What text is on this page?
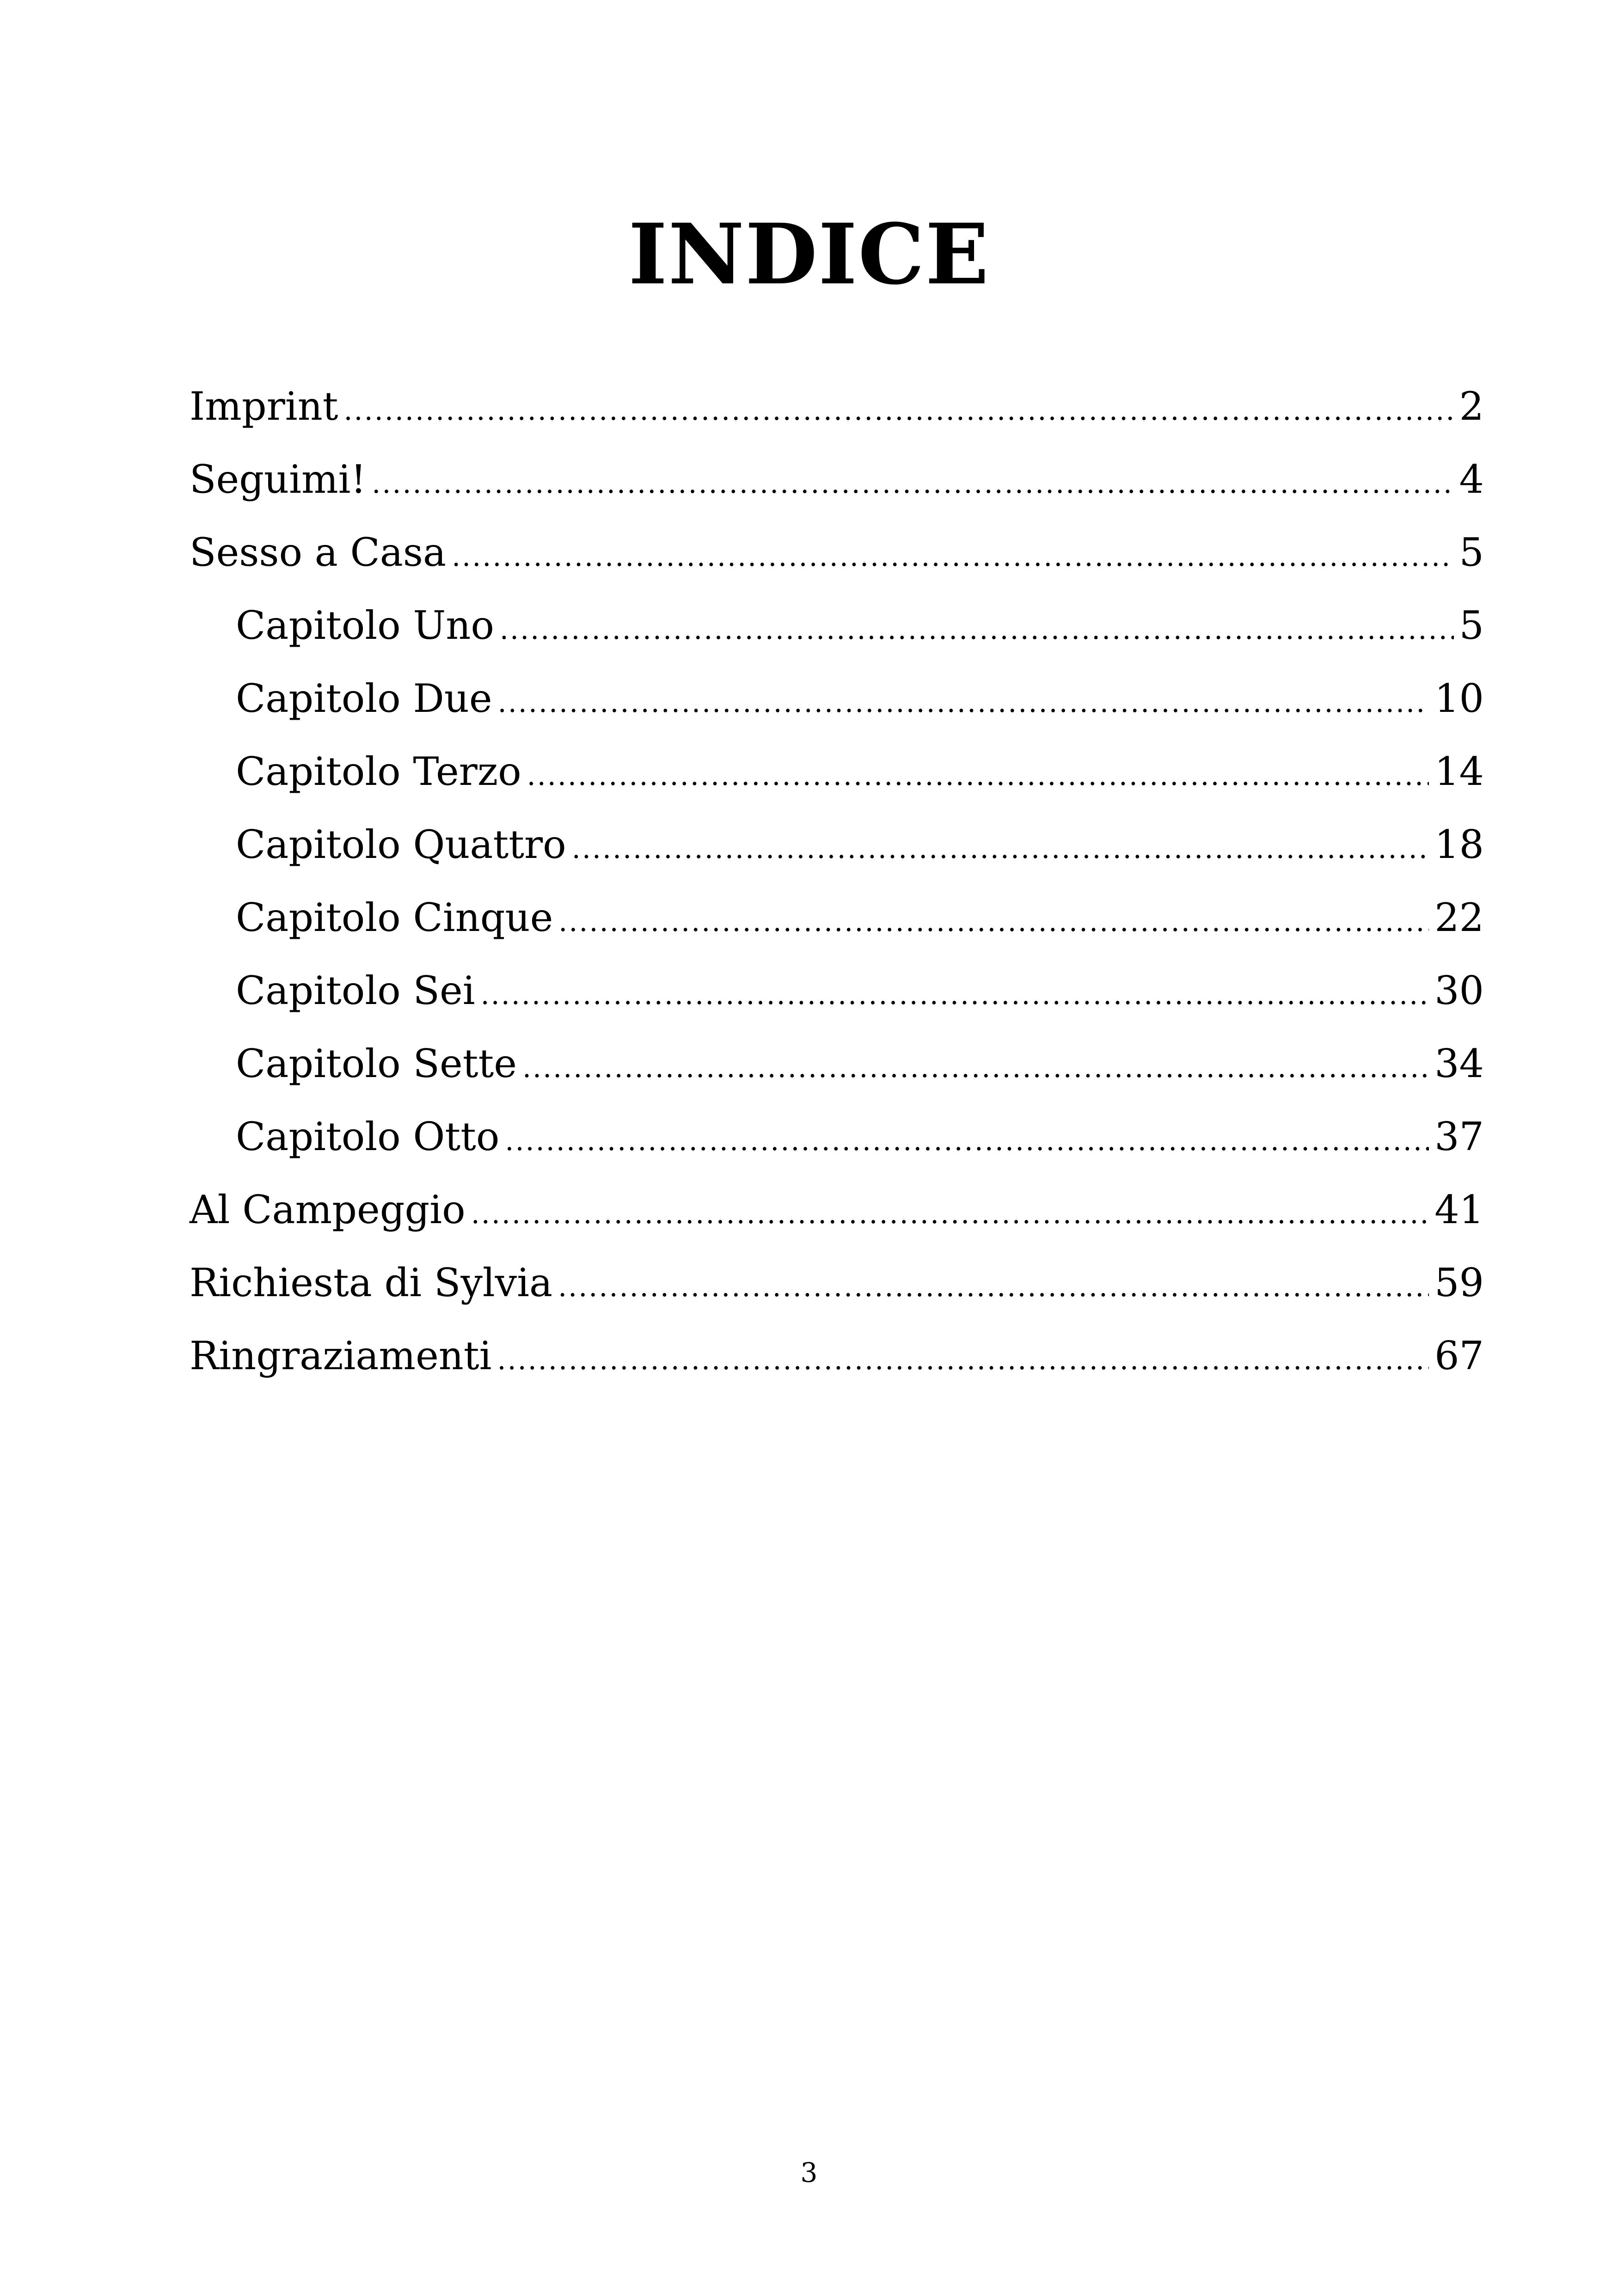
INDICE
Imprint .....	2
Seguimi! .....	4
Sesso a Casa .....	5
Capitolo Uno .....	5
Capitolo Due .....	10
Capitolo Terzo .....	14
Capitolo Quattro .....	18
Capitolo Cinque .....	22
Capitolo Sei .....	30
Capitolo Sette .....	34
Capitolo Otto .....	37
Al Campeggio .....	41
Richiesta di Sylvia .....	59
Ringraziamenti .....	67
3
